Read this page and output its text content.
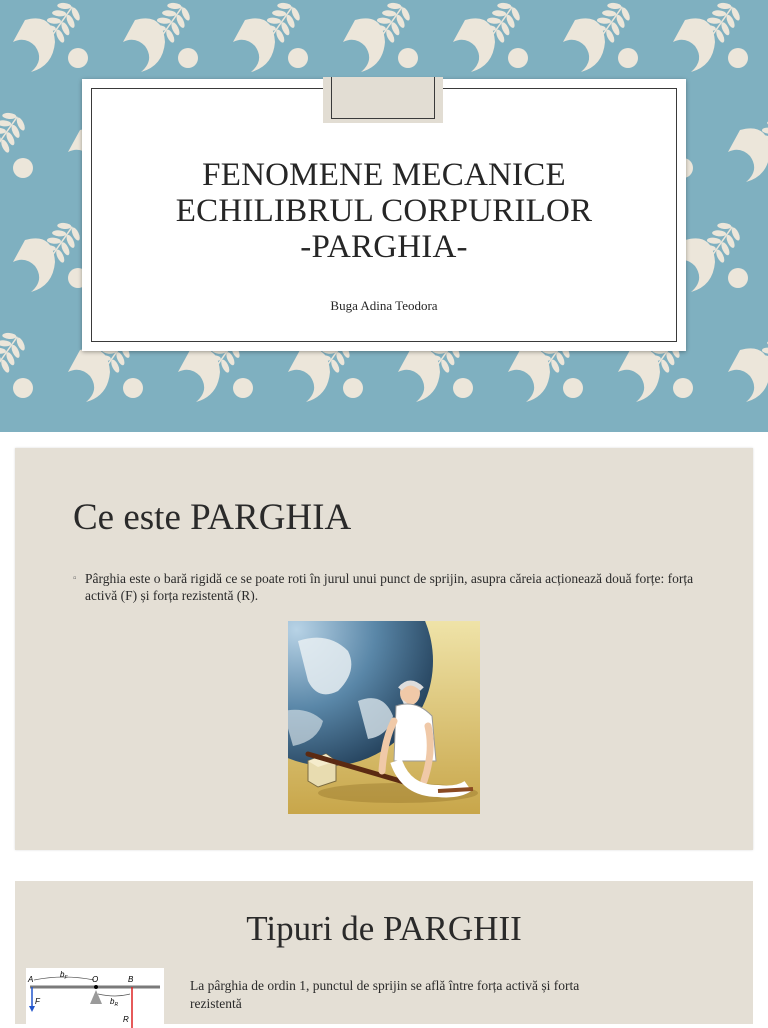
FENOMENE MECANICE
ECHILIBRUL CORPURILOR
-PARGHIA-
Buga Adina Teodora
Ce este PARGHIA
▫ Pârghia este o bară rigidă ce se poate roti în jurul unui punct de sprijin, asupra căreia acționează două forțe: forța activă (F) și forța rezistentă (R).
Tipuri de PARGHII
A
$b_F$	O	B
$b_R$
F
R
La pârghia de ordin 1, punctul de sprijin se află între forța activă și forta rezistentă
